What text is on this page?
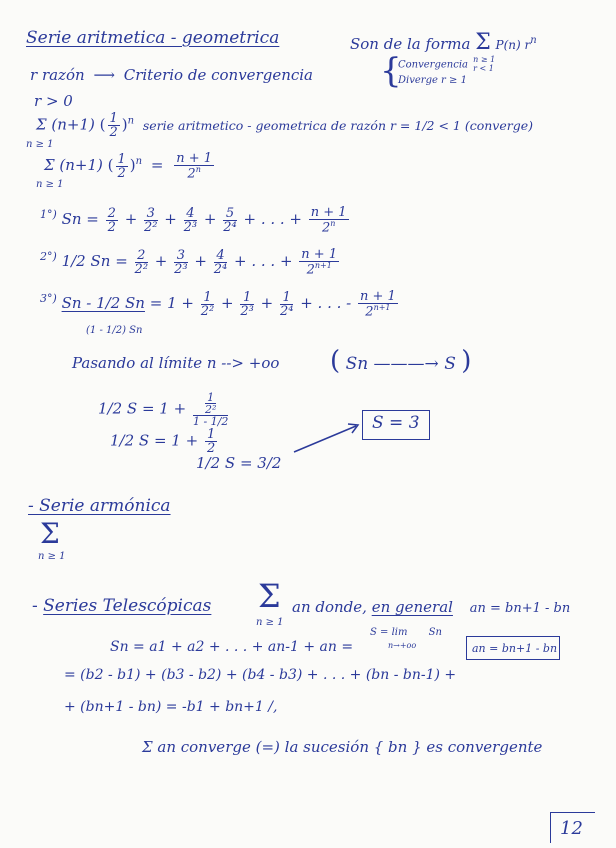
Serie aritmetica - geometrica	Son de la forma Σ P(n) $r^n$
r razón ⟶ Criterio de convergencia {
Convergencia n ≥ 1
r < 1
Diverge r ≥ 1
r > 0
Σ (n+1) ( $\frac{1}{2} )^n$ serie aritmetico - geometrica de razón r = 1/2 < 1 (converge)
n ≥ 1
Σ (n+1) ( $\frac{1}{2} )^n = \frac{n + 1}{2^n}$
n ≥ 1
$^{1^\circ)}$ $Sn = \frac{2}{2} + \frac{3}{\text{2²}} + \frac{4}{\text{2³}} + \frac{5}{\text{2⁴}}$ + . . . + $\frac{n + 1}{2^n}$
$^{2^\circ)}$ 1/2 $Sn = \frac{2}{\text{2²}} + \frac{3}{\text{2³}} + \frac{4}{\text{2⁴}}$ + . . . + $\frac{n + 1}{2^{n+1}}$
$^{3^\circ)}$ Sn - 1/2 $Sn = 1 + \frac{1}{\text{2²}} + \frac{1}{\text{2³}} + \frac{1}{\text{2⁴}}$ + . . . - $\frac{n + 1}{2^{n+1}}$
(1 - 1/2) Sn
Pasando al límite n --> +oo ( Sn ———→ S )
1/2 $S = 1 + \frac{\frac{1}{\text{2²}}}{1 - 1/2}$
1/2 $S = 1 + \frac{1}{2}$
1/2 S = 3/2
S = 3
- Serie armónica
Σ
n ≥ 1
- Series Telescópicas Σ
n ≥ 1
an donde, en general an = bn+1 - bn
Sn = a1 + a2 + . . . + an-1 + an =
S = lim Sn
n→+oo	an = bn+1 - bn
= (b2 - b1) + (b3 - b2) + (b4 - b3) + . . . + (bn - bn-1) +
+ (bn+1 - bn) = -b1 + bn+1 /,
Σ an converge (=) la sucesión { bn } es convergente
12
